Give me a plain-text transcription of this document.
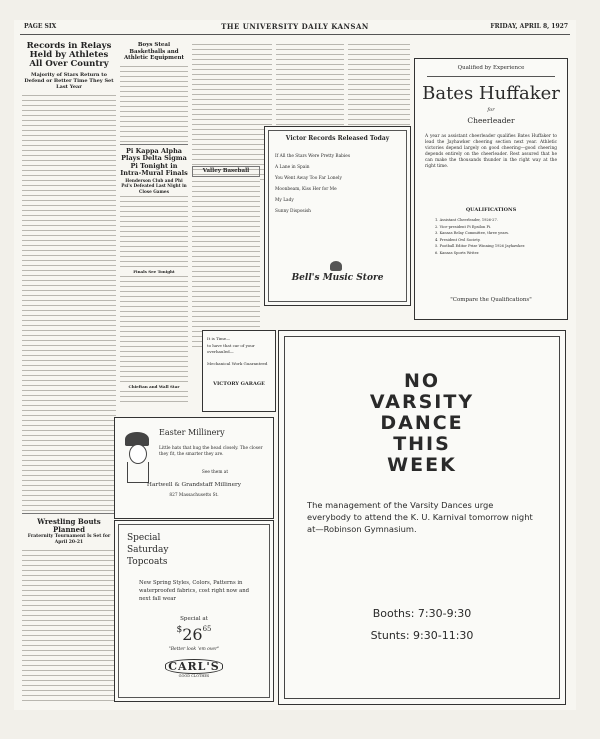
PAGE SIX	THE UNIVERSITY DAILY KANSAN	FRIDAY, APRIL 8, 1927
Records in Relays Held by Athletes All Over Country
Majority of Stars Return to Defend or Better Time They Set Last Year
Wrestling Bouts Planned
Fraternity Tournament Is Set for April 20-21
Boys Steal Basketballs and Athletic Equipment
Pi Kappa Alpha Plays Delta Sigma Pi Tonight in Intra-Mural Finals
Henderson Club and Phi Psi's Defeated Last Night in Close Games
Finals See Tonight
Chieftan and Wall Star
Valley Baseball
Victor Records Released Today
If All the Stars Were Pretty Babies
A Lane in Spain
You Went Away Too Far Lonely
Moonbeam, Kiss Her for Me
My Lady
Sunny Disposish
Bell's Music Store
Qualified by Experience
Bates Huffaker
for
Cheerleader
A year as assistant cheerleader qualifies Bates Huffaker to lead the Jayhawker cheering section next year. Athletic victories depend largely on good cheering—good cheering depends entirely on the cheerleader. Rest assured that he can make the thousands thunder in the right way at the right time.
QUALIFICATIONS
1. Assistant Cheerleader, 1926-27.
2. Vice-president Pi Epsilon Pi.
3. Kansas Relay Committee, three years.
4. President Owl Society.
5. Football Editor Prize Winning 1926 Jayhawker.
6. Kansas Sports Writer.
"Compare the Qualifications"
It is Time—
to have that car of your overhauled—
Mechanical Work Guaranteed
VICTORY GARAGE
Easter Millinery
Little hats that hug the head closely. The closer they fit, the smarter they are.
See them at
Hartwell & Grandstaff Millinery
827 Massachusetts St.
Special
Saturday
Topcoats
New Spring Styles, Colors, Patterns in waterproofed fabrics, cost right now and next fall wear
Special at
$^{\$}26^{65}$
"Better look 'em over"
CARL'S
GOOD CLOTHES
NO
VARSITY
DANCE
THIS
WEEK
The management of the Varsity Dances urge everybody to attend the K. U. Karnival tomorrow night at—Robinson Gymnasium.
Booths: 7:30-9:30
Stunts: 9:30-11:30
